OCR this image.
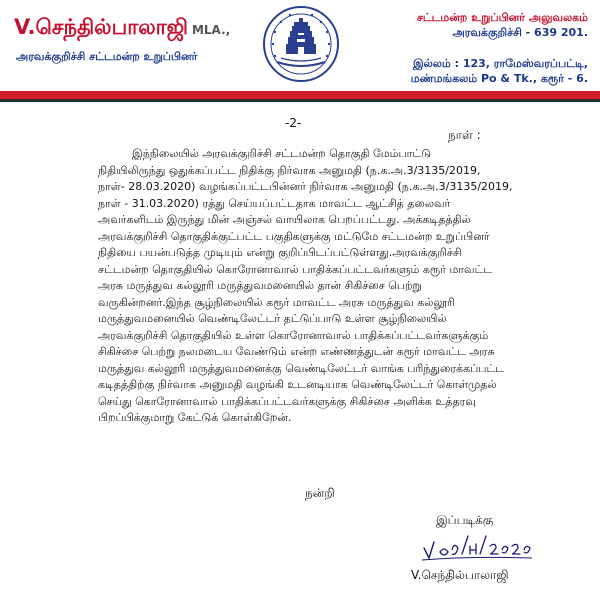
V.செந்தில்பாலாஜி MLA.,
அரவக்குறிச்சி சட்டமன்ற உறுப்பினர்
சட்டமன்ற உறுப்பினர் அலுவலகம்
அரவக்குறிச்சி - 639 201.
இல்லம் : 123, ராமேஸ்வரப்பட்டி,
மண்மங்கலம் Po & Tk., கரூர் - 6.
-2-
நாள் :
இந்நிலையில் அரவக்குறிச்சி சட்டமன்ற தொகுதி மேம்பாட்டு
நிதியிலிருந்து ஒதுக்கப்பட்ட நிதிக்கு நிர்வாக அனுமதி (ந.க.அ.3/3135/2019,
நாள்- 28.03.2020) வழங்கப்பட்டபின்னர் நிர்வாக அனுமதி (ந.க.அ.3/3135/2019,
நாள் - 31.03.2020) ரத்து செய்யப்பட்டதாக மாவட்ட ஆட்சித் தலைவர்
அவர்களிடம் இருந்து மின் அஞ்சல் வாயிலாக பெறப்பட்டது. அக்கடிதத்தில்
அரவக்குறிச்சி தொகுதிக்குட்பட்ட பகுதிகளுக்கு மட்டுமே சட்டமன்ற உறுப்பினர்
நிதியை பயன்படுத்த முடியும் என்று குறிப்பிடப்பட்டுள்ளது.அரவக்குறிச்சி
சட்டமன்ற தொகுதியில் கொரோனாவால் பாதிக்கப்பட்டவர்களும் கரூர் மாவட்ட
அரசு மருத்துவ கல்லூரி மருத்துவமனையில் தான் சிகிச்சை பெற்று
வருகின்றனர்.இந்த சூழ்நிலையில் கரூர் மாவட்ட அரசு மருத்துவ கல்லூரி
மருத்துவமனையில் வெண்டிலேட்டர் தட்டுப்பாடு உள்ள சூழ்நிலையில்
அரவக்குறிச்சி தொகுதியில் உள்ள கொரோனாவால் பாதிக்கப்பட்டவர்களுக்கும்
சிகிச்சை பெற்று நலமடைய வேண்டும் என்ற எண்ணத்துடன் கரூர் மாவட்ட அரசு
மருத்துவ கல்லூரி மருத்துவமனைக்கு வெண்டிலேட்டர் வாங்க பரிந்துரைக்கப்பட்ட
கடிதத்திற்கு நிர்வாக அனுமதி வழங்கி உடனடியாக வெண்டிலேட்டர் கொள்முதல்
செய்து கொரோனாவால் பாதிக்கப்பட்டவர்களுக்கு சிகிச்சை அளிக்க உத்தரவு
பிறப்பிக்குமாறு கேட்டுக் கொள்கிறேன்.
நன்றி
இப்படிக்கு
V.செந்தில்பாலாஜி
